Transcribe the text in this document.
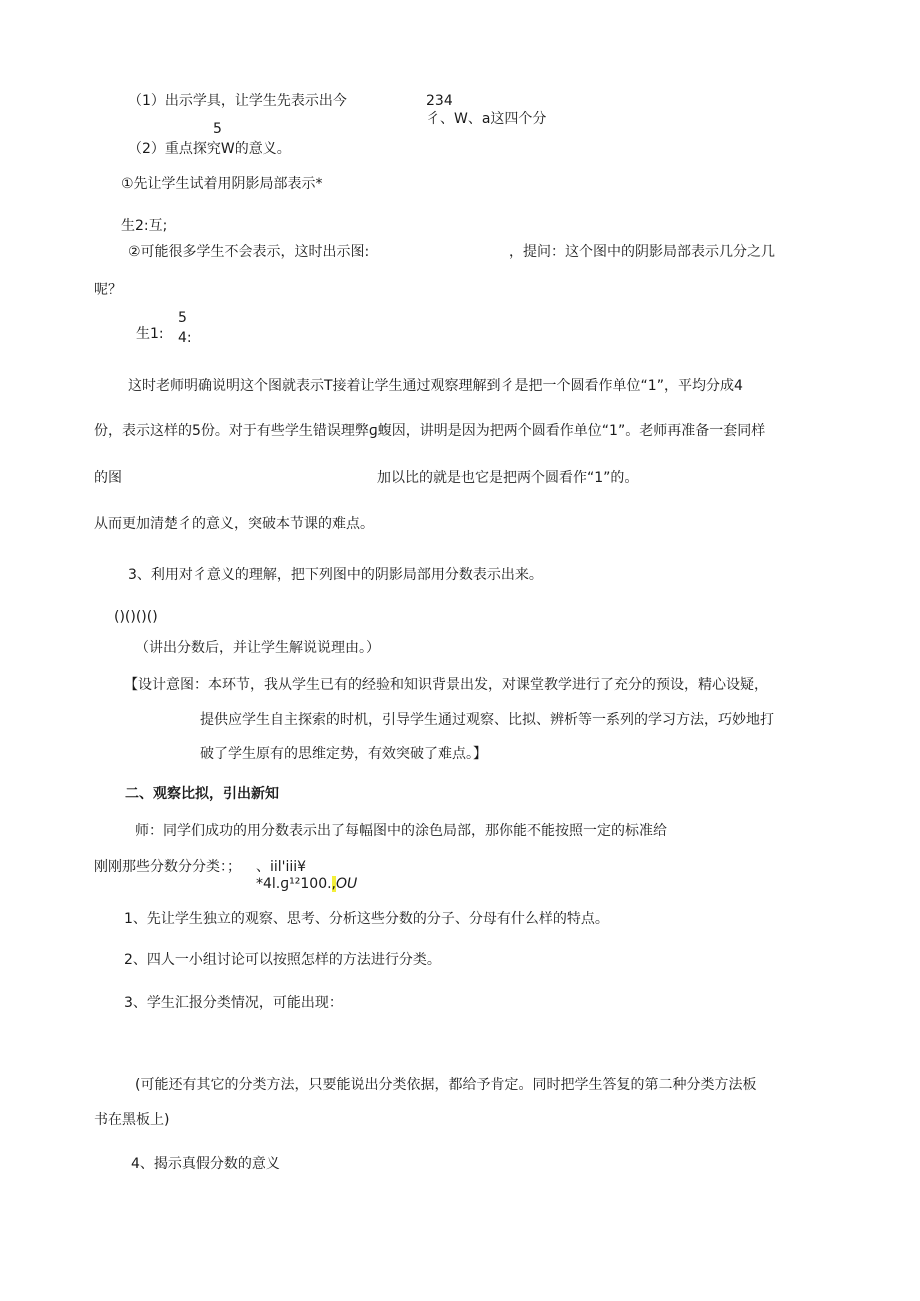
（1）出示学具，让学生先表示出今	234
彳、W、a这四个分
5
（2）重点探究W的意义。
①先让学生试着用阴影局部表示*
生2:互;
②可能很多学生不会表示，这时出示图:	，提问：这个图中的阴影局部表示几分之几
呢？
生1:
5
4:
这时老师明确说明这个图就表示T接着让学生通过观察理解到彳是把一个圆看作单位“1”，平均分成4
份，表示这样的5份。对于有些学生错误理弊ɡ蝮因，讲明是因为把两个圆看作单位“1”。老师再准备一套同样
的图	加以比的就是也它是把两个圆看作“1”的。
从而更加清楚彳的意义，突破本节课的难点。
3、利用对彳意义的理解，把下列图中的阴影局部用分数表示出来。
()()()()
（讲出分数后，并让学生解说说理由。）
【设计意图：本环节，我从学生已有的经验和知识背景出发，对课堂教学进行了充分的预设，精心设疑，
提供应学生自主探索的时机，引导学生通过观察、比拟、辨析等一系列的学习方法，巧妙地打
破了学生原有的思维定势，有效突破了难点。】
二、观察比拟，引出新知
师：同学们成功的用分数表示出了每幅图中的涂色局部，那你能不能按照一定的标准给
刚刚那些分数分分类：； 、iil'iii¥
*4l.ɡ¹²100.,OU
1、先让学生独立的观察、思考、分析这些分数的分子、分母有什么样的特点。
2、四人一小组讨论可以按照怎样的方法进行分类。
3、学生汇报分类情况，可能出现：
(可能还有其它的分类方法，只要能说出分类依据，都给予肯定。同时把学生答复的第二种分类方法板
书在黑板上)
4、揭示真假分数的意义
